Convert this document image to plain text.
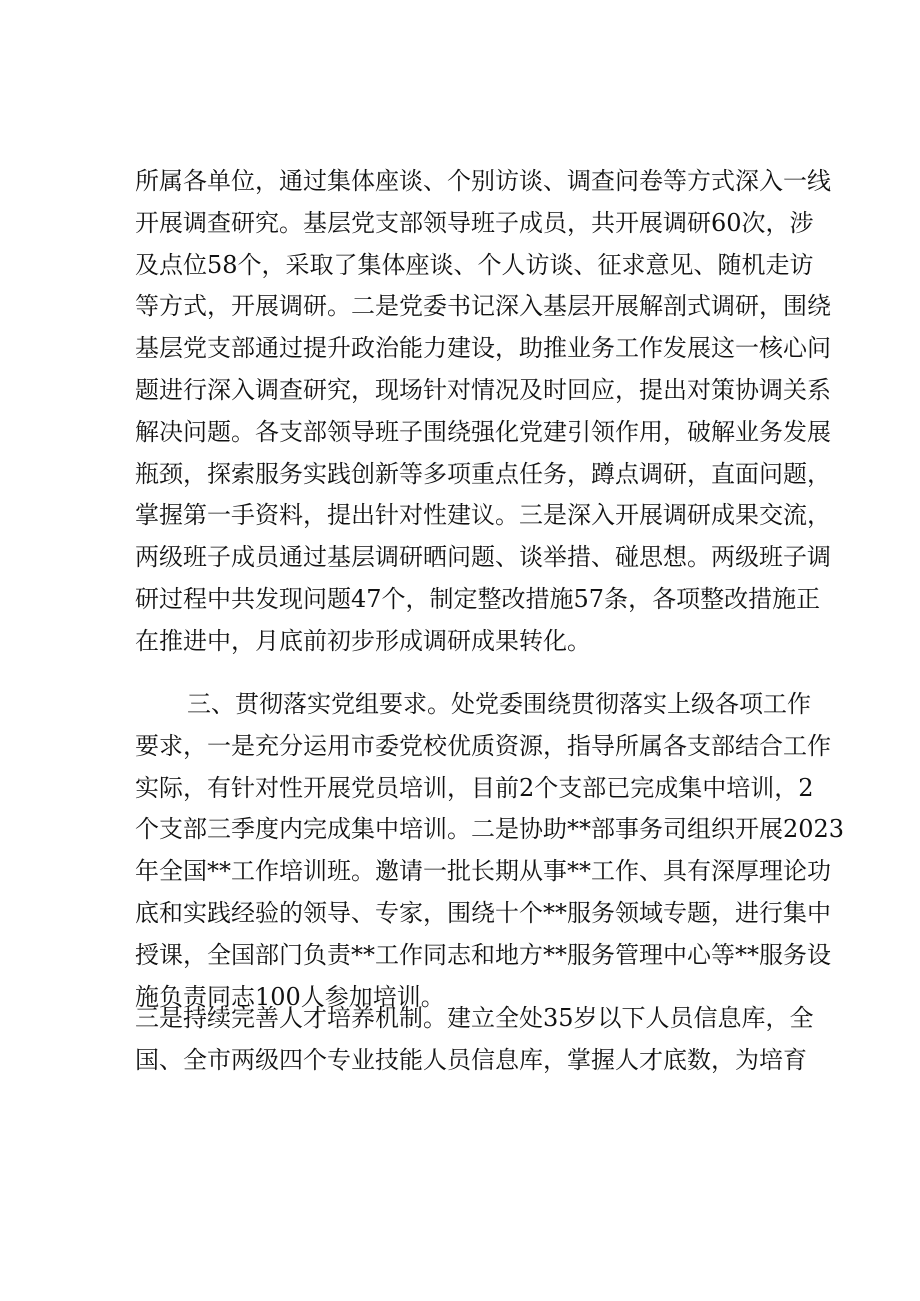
所属各单位，通过集体座谈、个别访谈、调查问卷等方式深入一线
开展调查研究。基层党支部领导班子成员，共开展调研60次，涉
及点位58个，采取了集体座谈、个人访谈、征求意见、随机走访
等方式，开展调研。二是党委书记深入基层开展解剖式调研，围绕
基层党支部通过提升政治能力建设，助推业务工作发展这一核心问
题进行深入调查研究，现场针对情况及时回应，提出对策协调关系
解决问题。各支部领导班子围绕强化党建引领作用，破解业务发展
瓶颈，探索服务实践创新等多项重点任务，蹲点调研，直面问题，
掌握第一手资料，提出针对性建议。三是深入开展调研成果交流，
两级班子成员通过基层调研晒问题、谈举措、碰思想。两级班子调
研过程中共发现问题47个，制定整改措施57条，各项整改措施正
在推进中，月底前初步形成调研成果转化。
三、贯彻落实党组要求。处党委围绕贯彻落实上级各项工作
要求，一是充分运用市委党校优质资源，指导所属各支部结合工作
实际，有针对性开展党员培训，目前2个支部已完成集中培训，2
个支部三季度内完成集中培训。二是协助**部事务司组织开展2023
年全国**工作培训班。邀请一批长期从事**工作、具有深厚理论功
底和实践经验的领导、专家，围绕十个**服务领域专题，进行集中
授课，全国部门负责**工作同志和地方**服务管理中心等**服务设
施负责同志100人参加培训。
三是持续完善人才培养机制。建立全处35岁以下人员信息库，全
国、全市两级四个专业技能人员信息库，掌握人才底数，为培育
